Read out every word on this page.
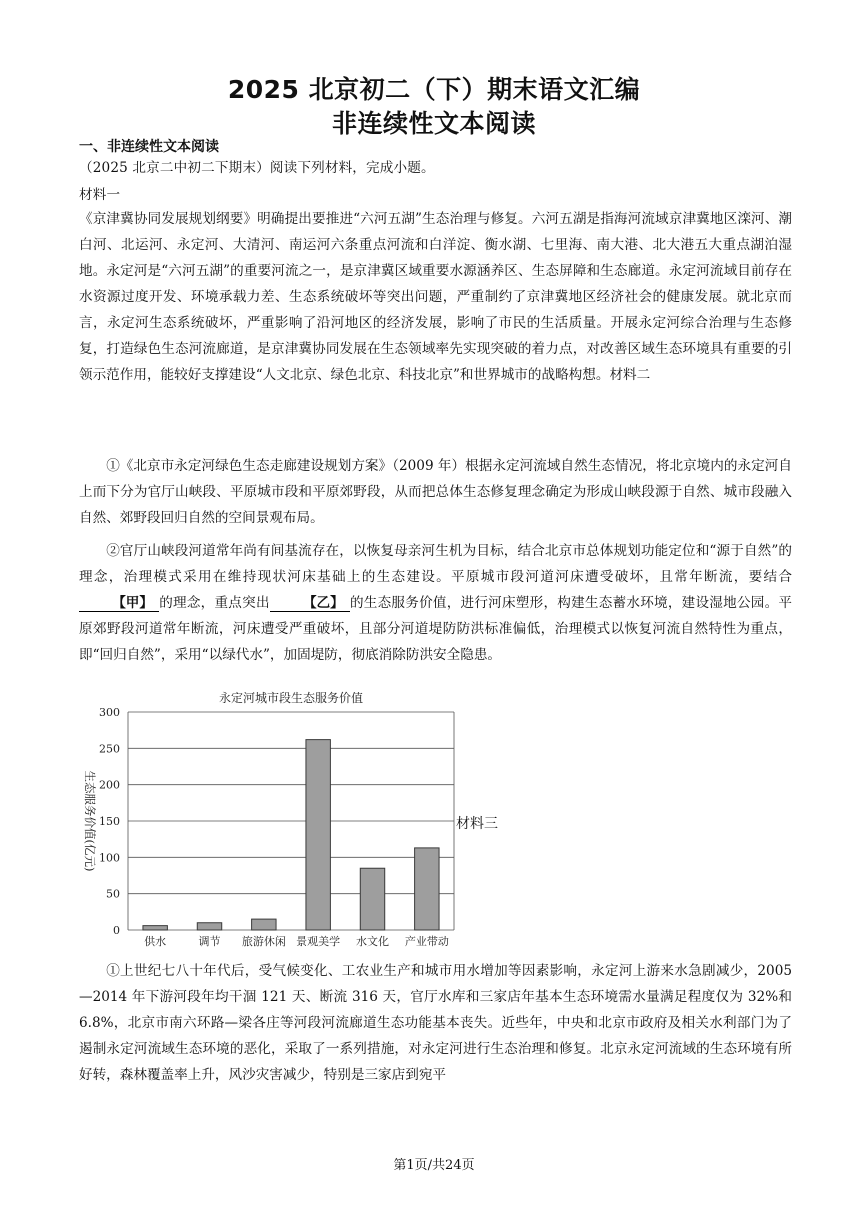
2025 北京初二（下）期末语文汇编
非连续性文本阅读
一、非连续性文本阅读
（2025 北京二中初二下期末）阅读下列材料，完成小题。
材料一
《京津冀协同发展规划纲要》明确提出要推进“六河五湖”生态治理与修复。六河五湖是指海河流域京津冀地区滦河、潮白河、北运河、永定河、大清河、南运河六条重点河流和白洋淀、衡水湖、七里海、南大港、北大港五大重点湖泊湿地。永定河是“六河五湖”的重要河流之一，是京津冀区域重要水源涵养区、生态屏障和生态廊道。永定河流域目前存在水资源过度开发、环境承载力差、生态系统破坏等突出问题，严重制约了京津冀地区经济社会的健康发展。就北京而言，永定河生态系统破坏，严重影响了沿河地区的经济发展，影响了市民的生活质量。开展永定河综合治理与生态修复，打造绿色生态河流廊道，是京津冀协同发展在生态领域率先实现突破的着力点，对改善区域生态环境具有重要的引领示范作用，能较好支撑建设“人文北京、绿色北京、科技北京”和世界城市的战略构想。材料二
①《北京市永定河绿色生态走廊建设规划方案》（2009 年）根据永定河流域自然生态情况，将北京境内的永定河自上而下分为官厅山峡段、平原城市段和平原郊野段，从而把总体生态修复理念确定为形成山峡段源于自然、城市段融入自然、郊野段回归自然的空间景观布局。
②官厅山峡段河道常年尚有间基流存在，以恢复母亲河生机为目标，结合北京市总体规划功能定位和“源于自然”的理念，治理模式采用在维持现状河床基础上的生态建设。平原城市段河道河床遭受破坏，且常年断流，要结合【甲】 的理念，重点突出 【乙】 的生态服务价值，进行河床塑形，构建生态蓄水环境，建设湿地公园。平原郊野段河道常年断流，河床遭受严重破坏，且部分河道堤防防洪标准偏低，治理模式以恢复河流自然特性为重点，即“回归自然”，采用“以绿代水”，加固堤防，彻底消除防洪安全隐患。
永定河城市段生态服务价值
0
50
100
150
200
250
300
生态服务价值(亿元)
供水	调节 旅游休闲 景观美学 水文化 产业带动
材料三
①上世纪七八十年代后，受气候变化、工农业生产和城市用水增加等因素影响，永定河上游来水急剧减少，2005—2014 年下游河段年均干涸 121 天、断流 316 天，官厅水库和三家店年基本生态环境需水量满足程度仅为 32%和 6.8%，北京市南六环路—梁各庄等河段河流廊道生态功能基本丧失。近些年，中央和北京市政府及相关水利部门为了遏制永定河流域生态环境的恶化，采取了一系列措施，对永定河进行生态治理和修复。北京永定河流域的生态环境有所好转，森林覆盖率上升，风沙灾害减少，特别是三家店到宛平
第1页/共24页
